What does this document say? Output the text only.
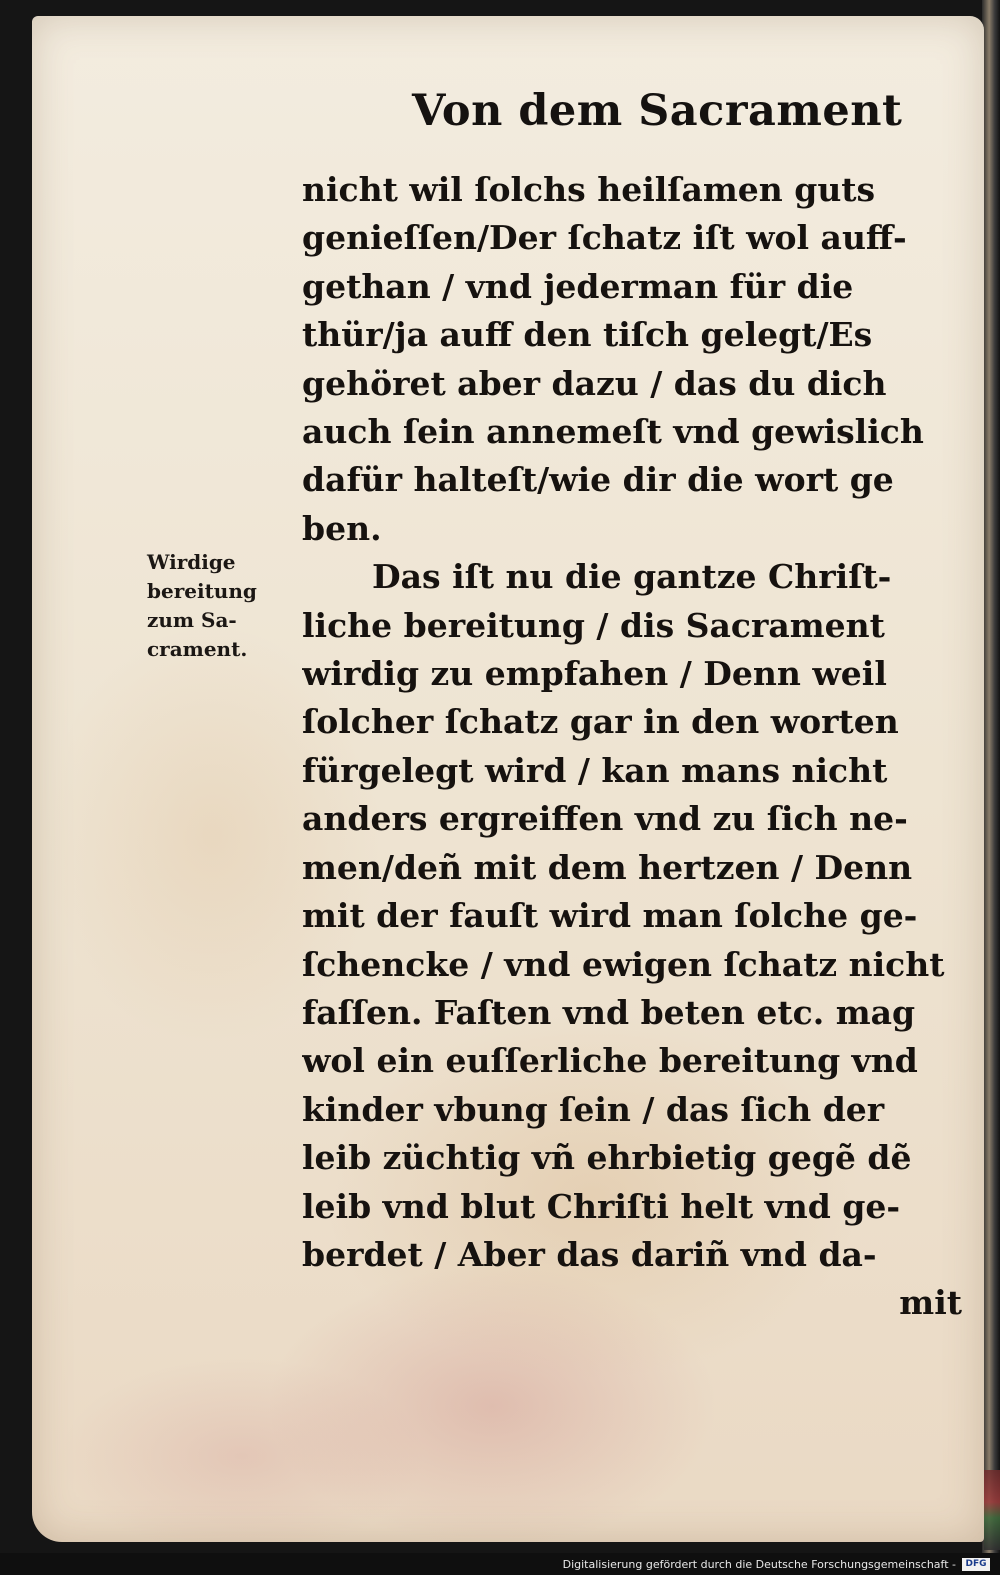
Von dem Sacrament
Wirdige
bereitung
zum Sa-
crament.
nicht wil ſolchs heilſamen guts
genieſſen/Der ſchatz iſt wol auff-
gethan / vnd jederman für die
thür/ja auff den tiſch gelegt/Es
gehöret aber dazu / das du dich
auch ſein annemeſt vnd gewislich
dafür halteſt/wie dir die wort ge
ben.
Das iſt nu die gantze Chriſt-
liche bereitung / dis Sacrament
wirdig zu empfahen / Denn weil
ſolcher ſchatz gar in den worten
fürgelegt wird / kan mans nicht
anders ergreiffen vnd zu ſich ne-
men/deñ mit dem hertzen / Denn
mit der fauſt wird man ſolche ge-
ſchencke / vnd ewigen ſchatz nicht
faſſen. Faſten vnd beten etc. mag
wol ein euſſerliche bereitung vnd
kinder vbung ſein / das ſich der
leib züchtig vñ ehrbietig gegẽ dẽ
leib vnd blut Chriſti helt vnd ge-
berdet / Aber das dariñ vnd da-
mit
Digitalisierung gefördert durch die Deutsche Forschungsgemeinschaft -	DFG
